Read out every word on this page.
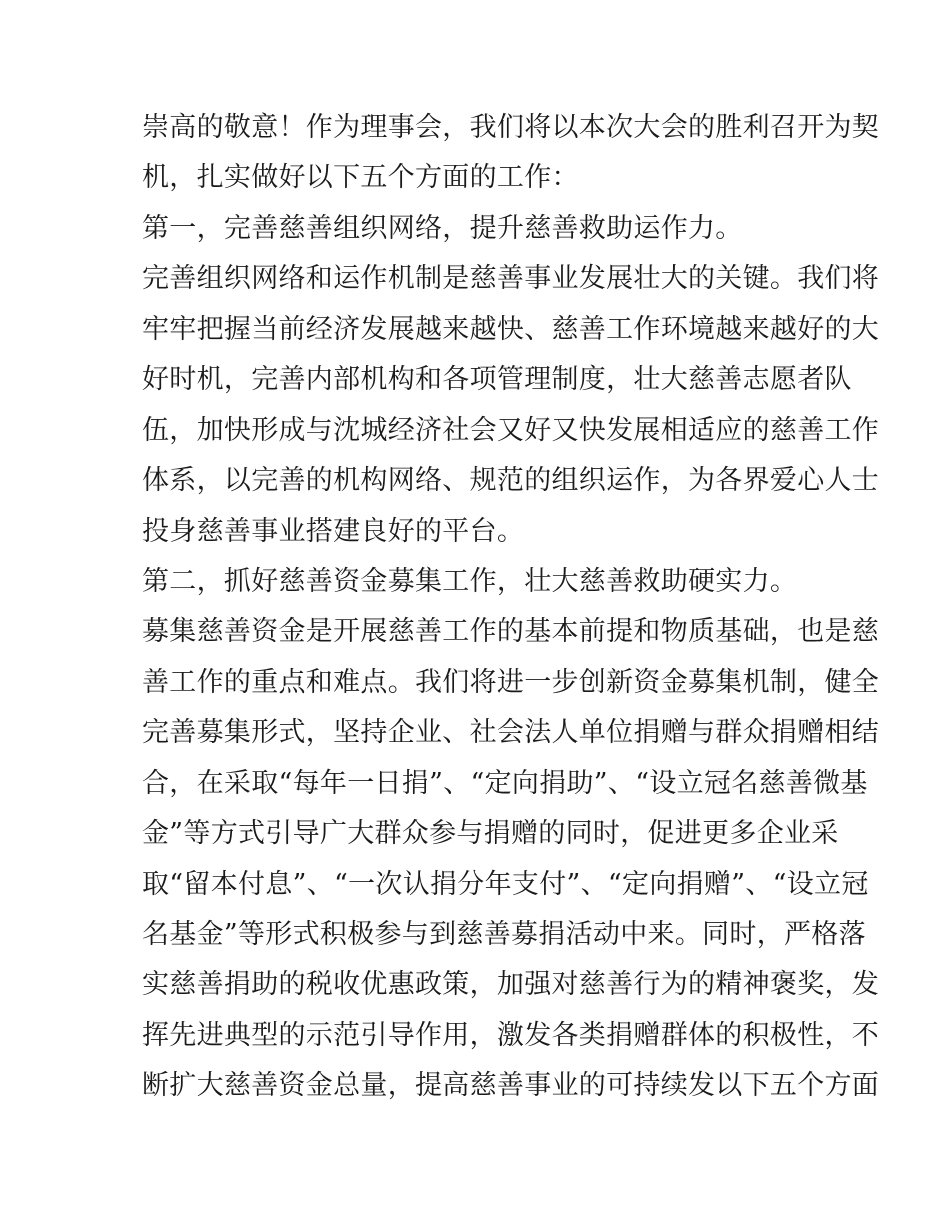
崇高的敬意！作为理事会，我们将以本次大会的胜利召开为契
机，扎实做好以下五个方面的工作：
第一，完善慈善组织网络，提升慈善救助运作力。
完善组织网络和运作机制是慈善事业发展壮大的关键。我们将
牢牢把握当前经济发展越来越快、慈善工作环境越来越好的大
好时机，完善内部机构和各项管理制度，壮大慈善志愿者队
伍，加快形成与沈城经济社会又好又快发展相适应的慈善工作
体系，以完善的机构网络、规范的组织运作，为各界爱心人士
投身慈善事业搭建良好的平台。
第二，抓好慈善资金募集工作，壮大慈善救助硬实力。
募集慈善资金是开展慈善工作的基本前提和物质基础，也是慈
善工作的重点和难点。我们将进一步创新资金募集机制，健全
完善募集形式，坚持企业、社会法人单位捐赠与群众捐赠相结
合，在采取“每年一日捐”、“定向捐助”、“设立冠名慈善微基
金”等方式引导广大群众参与捐赠的同时，促进更多企业采
取“留本付息”、“一次认捐分年支付”、“定向捐赠”、“设立冠
名基金”等形式积极参与到慈善募捐活动中来。同时，严格落
实慈善捐助的税收优惠政策，加强对慈善行为的精神褒奖，发
挥先进典型的示范引导作用，激发各类捐赠群体的积极性，不
断扩大慈善资金总量，提高慈善事业的可持续发以下五个方面
